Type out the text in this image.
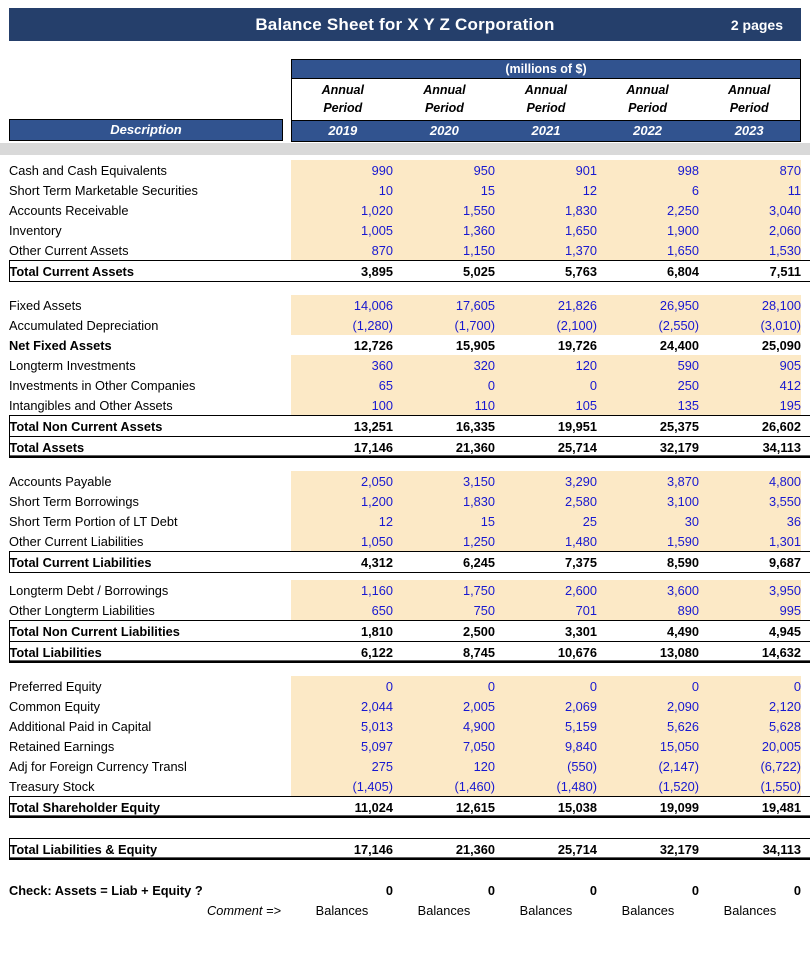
Balance Sheet for X Y Z Corporation	2 pages
(millions of $)
Annual
Period
Annual
Period
Annual
Period
Annual
Period
Annual
Period
2019	2020	2021	2022	2023
Description
	Cash and Cash Equivalents	990	950	901	998	870	
	Short Term Marketable Securities	10	15	12	6	11	
	Accounts Receivable	1,020	1,550	1,830	2,250	3,040	
	Inventory	1,005	1,360	1,650	1,900	2,060	
	Other Current Assets	870	1,150	1,370	1,650	1,530	
	Total Current Assets	3,895	5,025	5,763	6,804	7,511	

	Fixed Assets	14,006	17,605	21,826	26,950	28,100	
	Accumulated Depreciation	(1,280)	(1,700)	(2,100)	(2,550)	(3,010)	
	Net Fixed Assets	12,726	15,905	19,726	24,400	25,090	
	Longterm Investments	360	320	120	590	905	
	Investments in Other Companies	65	0	0	250	412	
	Intangibles and Other Assets	100	110	105	135	195	
	Total Non Current Assets	13,251	16,335	19,951	25,375	26,602	
	Total Assets	17,146	21,360	25,714	32,179	34,113	

	Accounts Payable	2,050	3,150	3,290	3,870	4,800	
	Short Term Borrowings	1,200	1,830	2,580	3,100	3,550	
	Short Term Portion of LT Debt	12	15	25	30	36	
	Other Current Liabilities	1,050	1,250	1,480	1,590	1,301	
	Total Current Liabilities	4,312	6,245	7,375	8,590	9,687	

	Longterm Debt / Borrowings	1,160	1,750	2,600	3,600	3,950	
	Other Longterm Liabilities	650	750	701	890	995	
	Total Non Current Liabilities	1,810	2,500	3,301	4,490	4,945	
	Total Liabilities	6,122	8,745	10,676	13,080	14,632	

	Preferred Equity	0	0	0	0	0	
	Common Equity	2,044	2,005	2,069	2,090	2,120	
	Additional Paid in Capital	5,013	4,900	5,159	5,626	5,628	
	Retained Earnings	5,097	7,050	9,840	15,050	20,005	
	Adj for Foreign Currency Transl	275	120	(550)	(2,147)	(6,722)	
	Treasury Stock	(1,405)	(1,460)	(1,480)	(1,520)	(1,550)	
	Total Shareholder Equity	11,024	12,615	15,038	19,099	19,481	

	Total Liabilities & Equity	17,146	21,360	25,714	32,179	34,113	

	Check: Assets = Liab + Equity ?	0	0	0	0	0	
	Comment =>	Balances	Balances	Balances	Balances	Balances	
